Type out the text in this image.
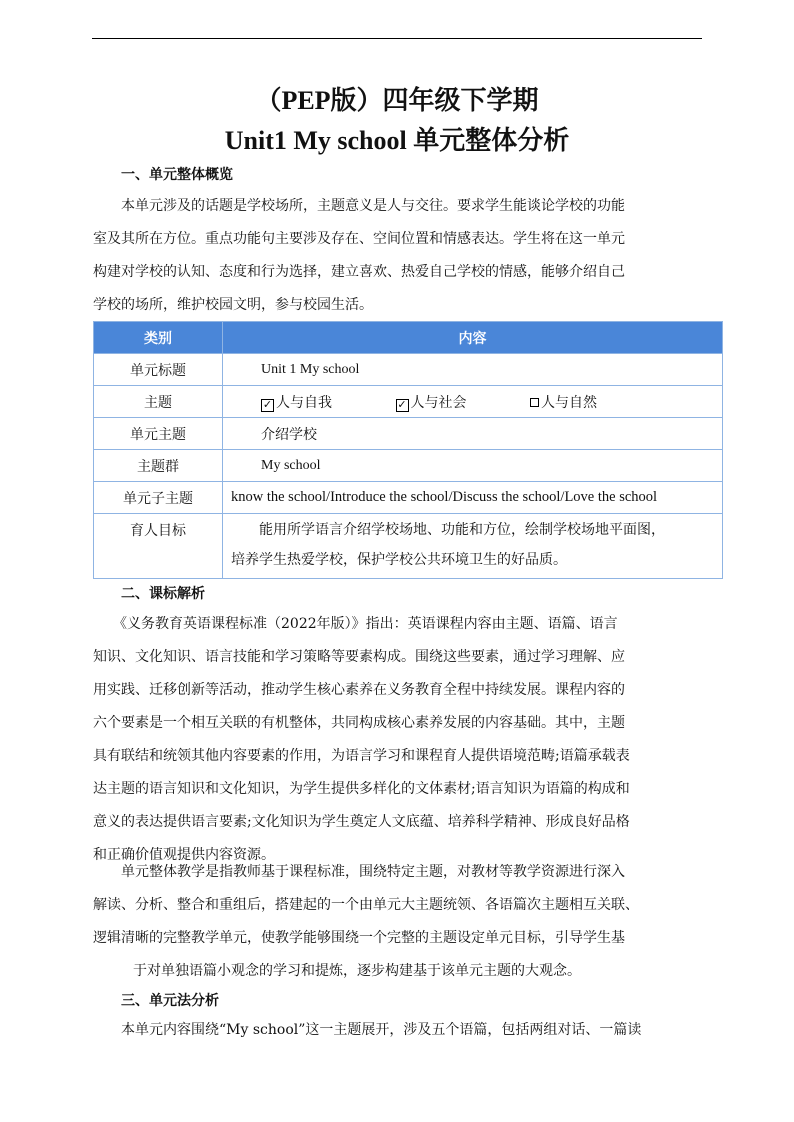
（PEP版）四年级下学期
Unit1 My school 单元整体分析
一、单元整体概览
本单元涉及的话题是学校场所，主题意义是人与交往。要求学生能谈论学校的功能
室及其所在方位。重点功能句主要涉及存在、空间位置和情感表达。学生将在这一单元
构建对学校的认知、态度和行为选择，建立喜欢、热爱自己学校的情感，能够介绍自己
学校的场所，维护校园文明，参与校园生活。
类别	内容
单元标题	Unit 1 My school
主题	✓ 人与自我 ✓ 人与社会 人与自然
单元主题	介绍学校
主题群	My school
单元子主题	know the school/Introduce the school/Discuss the school/Love the school
育人目标	能用所学语言介绍学校场地、功能和方位，绘制学校场地平面图，
培养学生热爱学校，保护学校公共环境卫生的好品质。
二、课标解析
《义务教育英语课程标准（2022年版）》指出：英语课程内容由主题、语篇、语言
知识、文化知识、语言技能和学习策略等要素构成。围绕这些要素，通过学习理解、应
用实践、迁移创新等活动，推动学生核心素养在义务教育全程中持续发展。课程内容的
六个要素是一个相互关联的有机整体，共同构成核心素养发展的内容基础。其中，主题
具有联结和统领其他内容要素的作用，为语言学习和课程育人提供语境范畴;语篇承载表
达主题的语言知识和文化知识，为学生提供多样化的文体素材;语言知识为语篇的构成和
意义的表达提供语言要素;文化知识为学生奠定人文底蕴、培养科学精神、形成良好品格
和正确价值观提供内容资源。
单元整体教学是指教师基于课程标准，围绕特定主题，对教材等教学资源进行深入
解读、分析、整合和重组后，搭建起的一个由单元大主题统领、各语篇次主题相互关联、
逻辑清晰的完整教学单元，使教学能够围绕一个完整的主题设定单元目标，引导学生基
于对单独语篇小观念的学习和提炼，逐步构建基于该单元主题的大观念。
三、单元法分析
本单元内容围绕“My school”这一主题展开，涉及五个语篇，包括两组对话、一篇读
